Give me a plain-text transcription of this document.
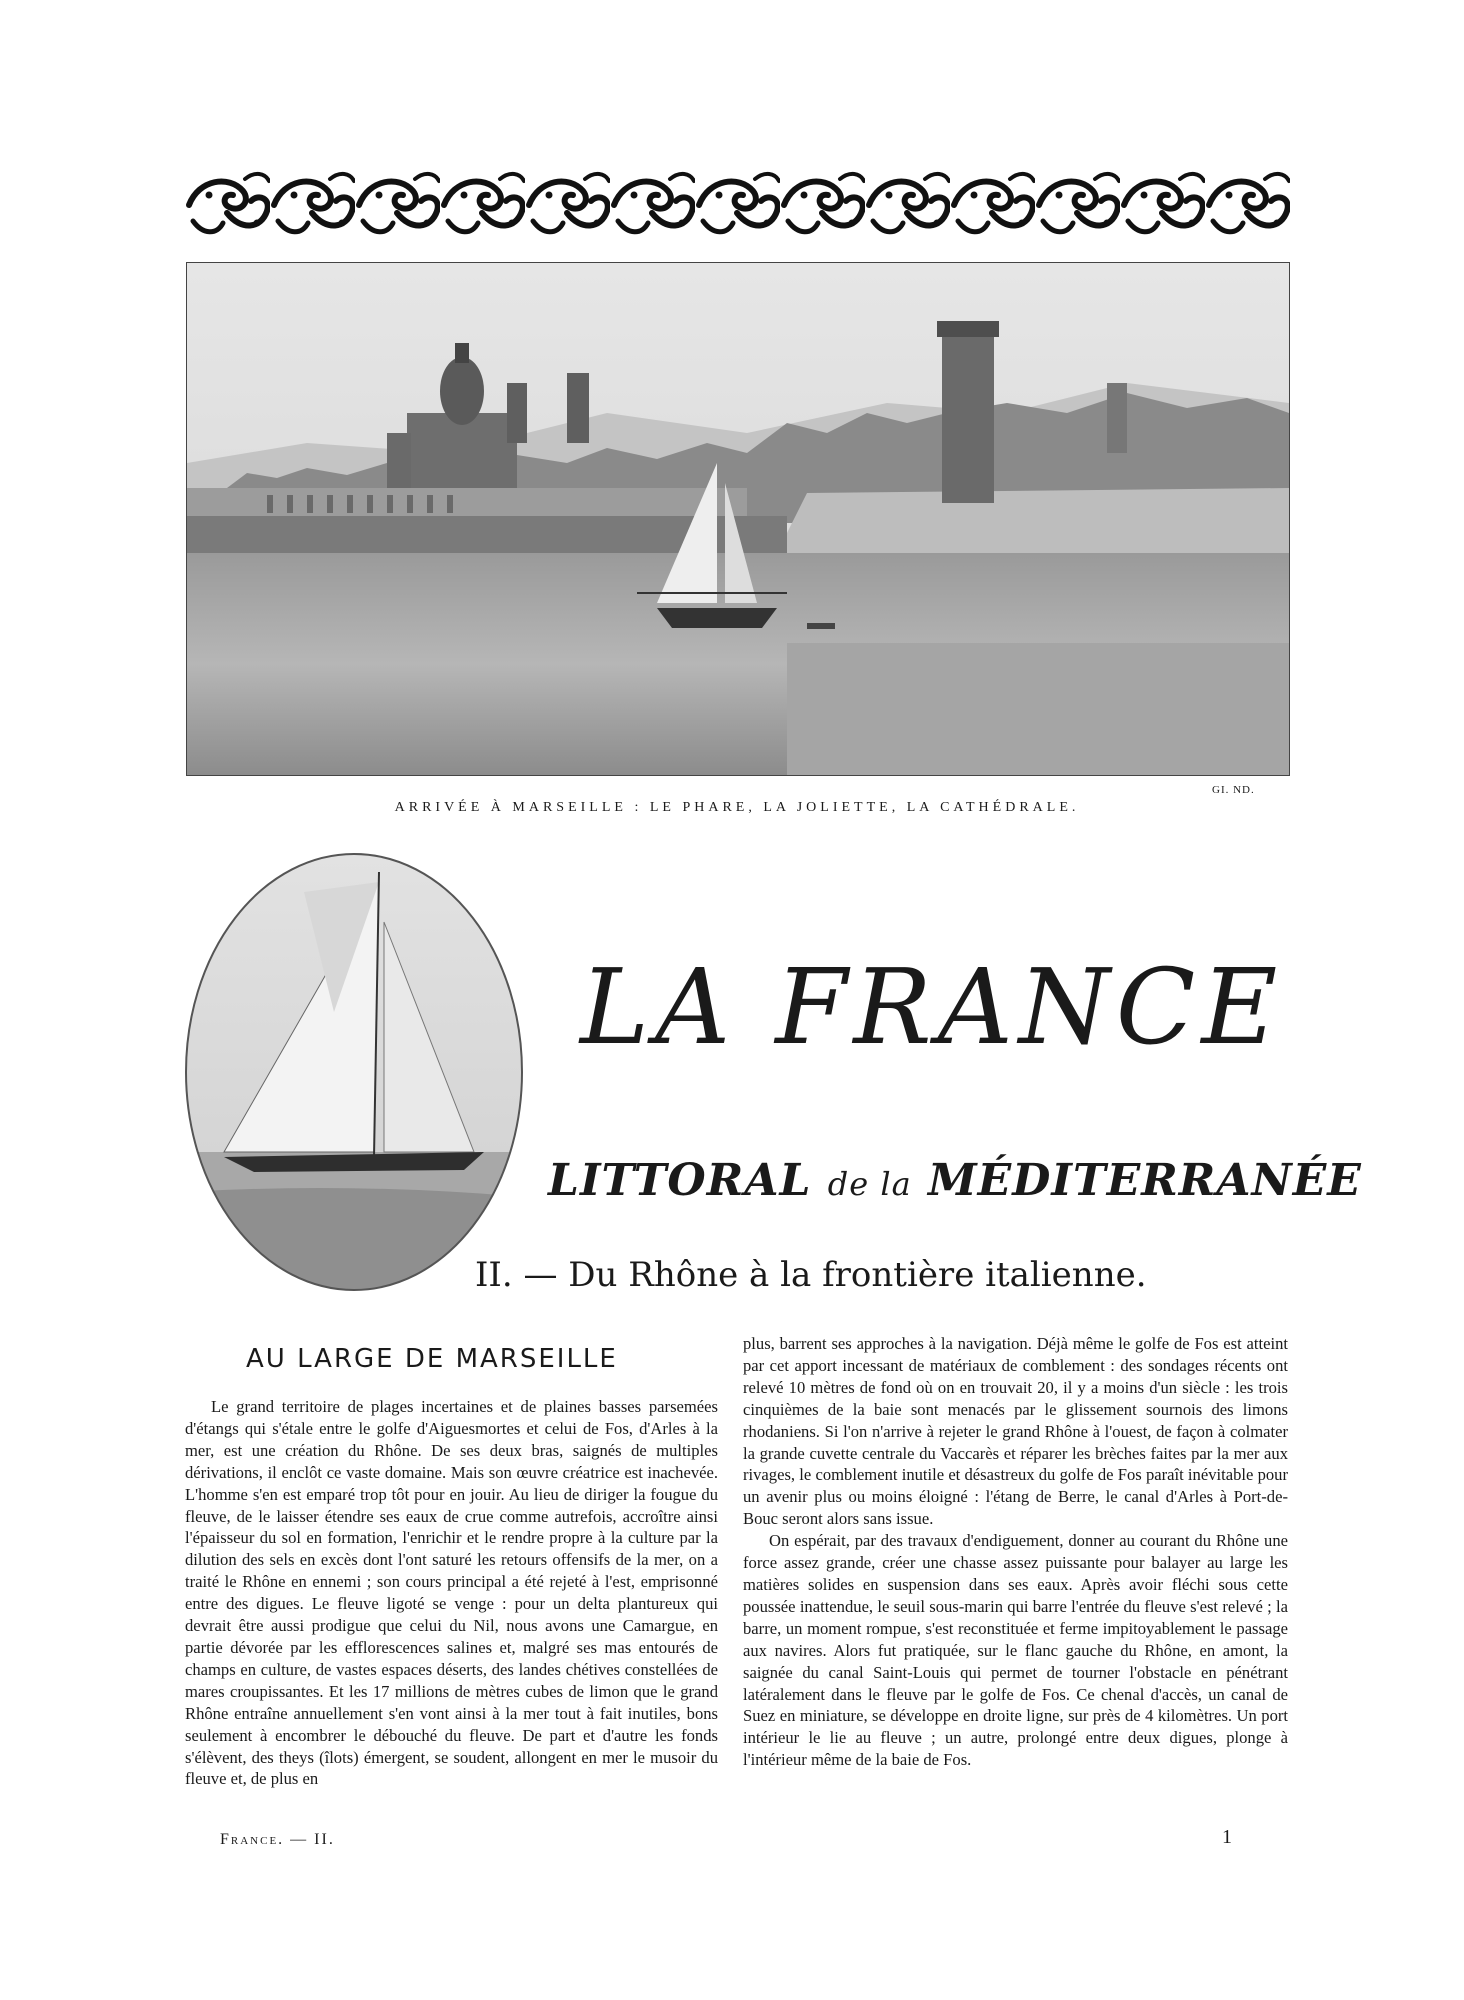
GI. ND.
ARRIVÉE À MARSEILLE : LE PHARE, LA JOLIETTE, LA CATHÉDRALE.
LA FRANCE
LITTORAL de la MÉDITERRANÉE
II. — Du Rhône à la frontière italienne.
AU LARGE DE MARSEILLE

Le grand territoire de plages incertaines et de plaines basses parsemées d'étangs qui s'étale entre le golfe d'Aiguesmortes et celui de Fos, d'Arles à la mer, est une création du Rhône. De ses deux bras, saignés de multiples dérivations, il enclôt ce vaste domaine. Mais son œuvre créatrice est inachevée. L'homme s'en est emparé trop tôt pour en jouir. Au lieu de diriger la fougue du fleuve, de le laisser étendre ses eaux de crue comme autrefois, accroître ainsi l'épaisseur du sol en formation, l'enrichir et le rendre propre à la culture par la dilution des sels en excès dont l'ont saturé les retours offensifs de la mer, on a traité le Rhône en ennemi ; son cours principal a été rejeté à l'est, emprisonné entre des digues. Le fleuve ligoté se venge : pour un delta plantureux qui devrait être aussi prodigue que celui du Nil, nous avons une Camargue, en partie dévorée par les efflorescences salines et, malgré ses mas entourés de champs en culture, de vastes espaces déserts, des landes chétives constellées de mares croupissantes. Et les 17 millions de mètres cubes de limon que le grand Rhône entraîne annuellement s'en vont ainsi à la mer tout à fait inutiles, bons seulement à encombrer le débouché du fleuve. De part et d'autre les fonds s'élèvent, des theys (îlots) émergent, se soudent, allongent en mer le musoir du fleuve et, de plus en

plus, barrent ses approches à la navigation. Déjà même le golfe de Fos est atteint par cet apport incessant de matériaux de comblement : des sondages récents ont relevé 10 mètres de fond où on en trouvait 20, il y a moins d'un siècle : les trois cinquièmes de la baie sont menacés par le glissement sournois des limons rhodaniens. Si l'on n'arrive à rejeter le grand Rhône à l'ouest, de façon à colmater la grande cuvette centrale du Vaccarès et réparer les brèches faites par la mer aux rivages, le comblement inutile et désastreux du golfe de Fos paraît inévitable pour un avenir plus ou moins éloigné : l'étang de Berre, le canal d'Arles à Port-de-Bouc seront alors sans issue.

On espérait, par des travaux d'endiguement, donner au courant du Rhône une force assez grande, créer une chasse assez puissante pour balayer au large les matières solides en suspension dans ses eaux. Après avoir fléchi sous cette poussée inattendue, le seuil sous-marin qui barre l'entrée du fleuve s'est relevé ; la barre, un moment rompue, s'est reconstituée et ferme impitoyablement le passage aux navires. Alors fut pratiquée, sur le flanc gauche du Rhône, en amont, la saignée du canal Saint-Louis qui permet de tourner l'obstacle en pénétrant latéralement dans le fleuve par le golfe de Fos. Ce chenal d'accès, un canal de Suez en miniature, se développe en droite ligne, sur près de 4 kilomètres. Un port intérieur le lie au fleuve ; un autre, prolongé entre deux digues, plonge à l'intérieur même de la baie de Fos.

France. — II.	1
